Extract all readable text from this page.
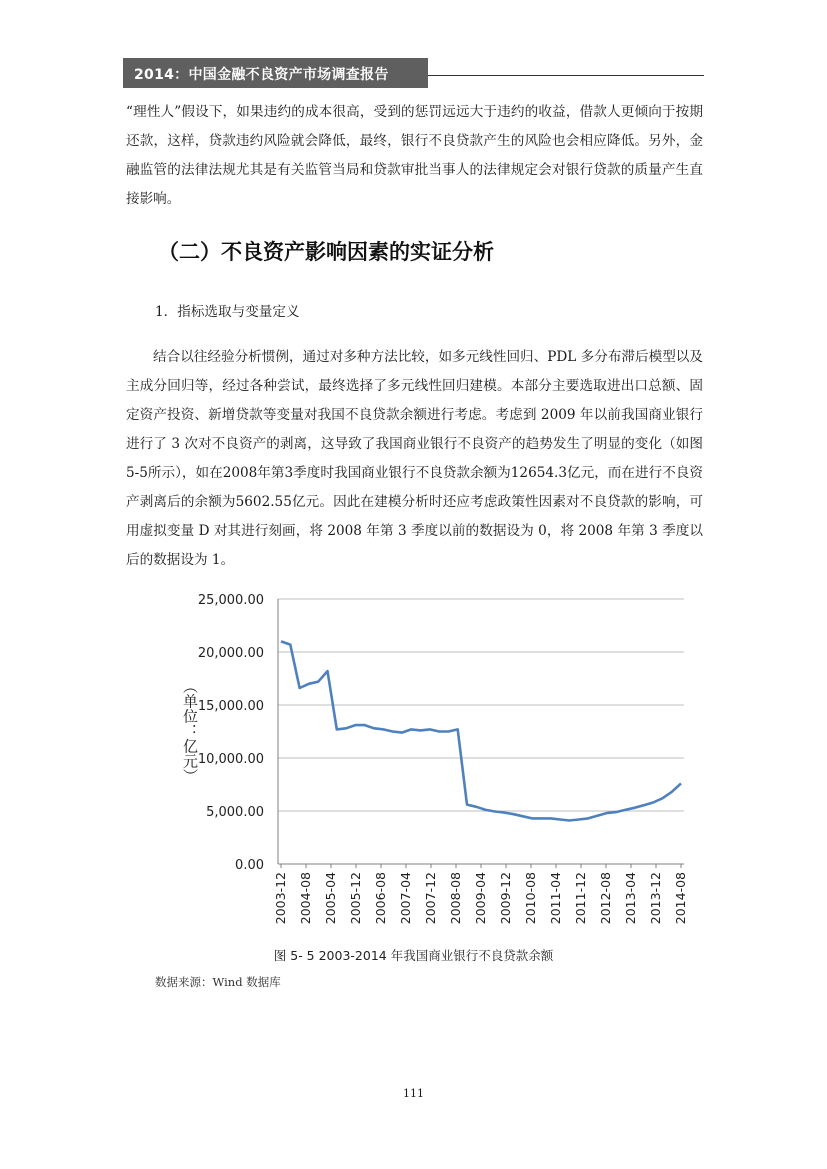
2014：中国金融不良资产市场调查报告

“理性人”假设下，如果违约的成本很高，受到的惩罚远远大于违约的收益，借款人更倾向于按期还款，这样，贷款违约风险就会降低，最终，银行不良贷款产生的风险也会相应降低。另外，金融监管的法律法规尤其是有关监管当局和贷款审批当事人的法律规定会对银行贷款的质量产生直接影响。

（二）不良资产影响因素的实证分析
1．指标选取与变量定义

结合以往经验分析惯例，通过对多种方法比较，如多元线性回归、PDL 多分布滞后模型以及主成分回归等，经过各种尝试，最终选择了多元线性回归建模。本部分主要选取进出口总额、固定资产投资、新增贷款等变量对我国不良贷款余额进行考虑。考虑到 2009 年以前我国商业银行进行了 3 次对不良资产的剥离，这导致了我国商业银行不良资产的趋势发生了明显的变化（如图5-5所示），如在2008年第3季度时我国商业银行不良贷款余额为12654.3亿元，而在进行不良资产剥离后的余额为5602.55亿元。因此在建模分析时还应考虑政策性因素对不良贷款的影响，可用虚拟变量 D 对其进行刻画，将 2008 年第 3 季度以前的数据设为 0，将 2008 年第 3 季度以后的数据设为 1。

0.00
5,000.00
10,000.00
15,000.00
20,000.00
25,000.00
2003-12 2004-08 2005-04 2005-12 2006-08 2007-04 2007-12 2008-08 2009-04 2009-12 2010-08 2011-04 2011-12 2012-08 2013-04 2013-12 2014-08
（单位：亿元）
图 5- 5 2003-2014 年我国商业银行不良贷款余额
数据来源：Wind 数据库
111
